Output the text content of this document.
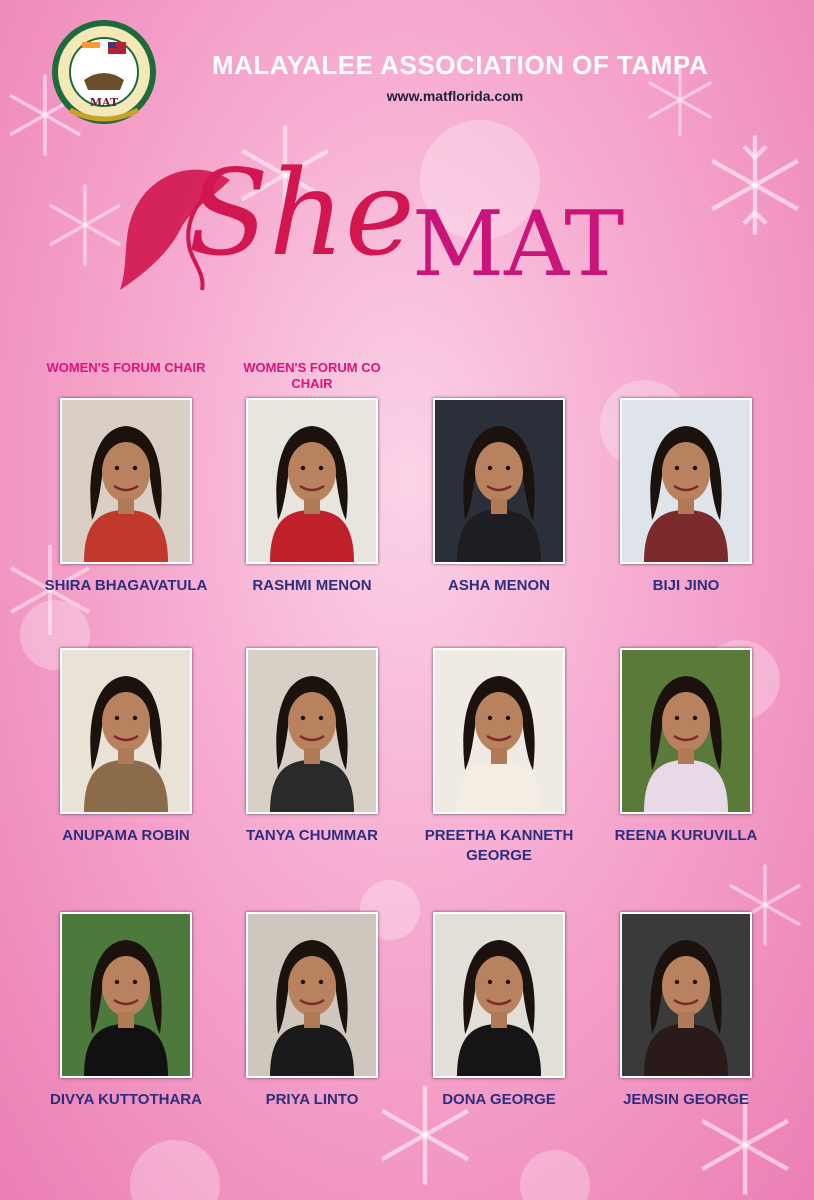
MAT
MALAYALEE ASSOCIATION OF TAMPA
www.matflorida.com
She
MAT
WOMEN'S FORUM CHAIR	WOMEN'S FORUM CO CHAIR
SHIRA BHAGAVATULA	RASHMI MENON	ASHA MENON	BIJI JINO
ANUPAMA ROBIN	TANYA CHUMMAR	PREETHA KANNETH GEORGE
REENA KURUVILLA
DIVYA KUTTOTHARA	PRIYA LINTO	DONA GEORGE	JEMSIN GEORGE
